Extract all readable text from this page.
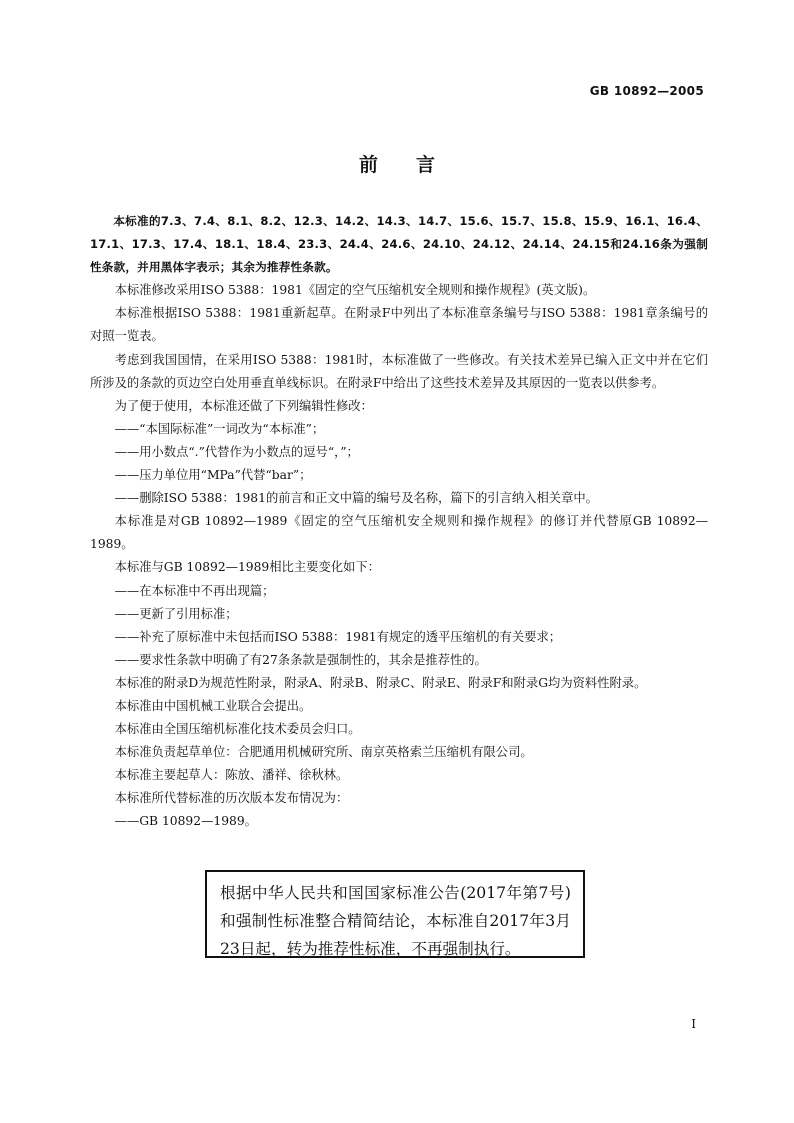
GB 10892—2005
前言

本标准的7.3、7.4、8.1、8.2、12.3、14.2、14.3、14.7、15.6、15.7、15.8、15.9、16.1、16.4、17.1、17.3、17.4、18.1、18.4、23.3、24.4、24.6、24.10、24.12、24.14、24.15和24.16条为强制性条款，并用黑体字表示；其余为推荐性条款。

本标准修改采用ISO 5388：1981《固定的空气压缩机安全规则和操作规程》(英文版)。

本标准根据ISO 5388：1981重新起草。在附录F中列出了本标准章条编号与ISO 5388：1981章条编号的对照一览表。

考虑到我国国情，在采用ISO 5388：1981时，本标准做了一些修改。有关技术差异已编入正文中并在它们所涉及的条款的页边空白处用垂直单线标识。在附录F中给出了这些技术差异及其原因的一览表以供参考。

为了便于使用，本标准还做了下列编辑性修改：

——“本国际标准”一词改为“本标准”；

——用小数点“.”代替作为小数点的逗号“，”；

——压力单位用“MPa”代替“bar”；

——删除ISO 5388：1981的前言和正文中篇的编号及名称，篇下的引言纳入相关章中。

本标准是对GB 10892—1989《固定的空气压缩机安全规则和操作规程》的修订并代替原GB 10892—1989。

本标准与GB 10892—1989相比主要变化如下：

——在本标准中不再出现篇；

——更新了引用标准；

——补充了原标准中未包括而ISO 5388：1981有规定的透平压缩机的有关要求；

——要求性条款中明确了有27条条款是强制性的，其余是推荐性的。

本标准的附录D为规范性附录，附录A、附录B、附录C、附录E、附录F和附录G均为资料性附录。

本标准由中国机械工业联合会提出。

本标准由全国压缩机标准化技术委员会归口。

本标准负责起草单位：合肥通用机械研究所、南京英格索兰压缩机有限公司。

本标准主要起草人：陈放、潘祥、徐秋林。

本标准所代替标准的历次版本发布情况为：

——GB 10892—1989。

根据中华人民共和国国家标准公告(2017年第7号)和强制性标准整合精简结论，本标准自2017年3月23日起，转为推荐性标准，不再强制执行。
I
